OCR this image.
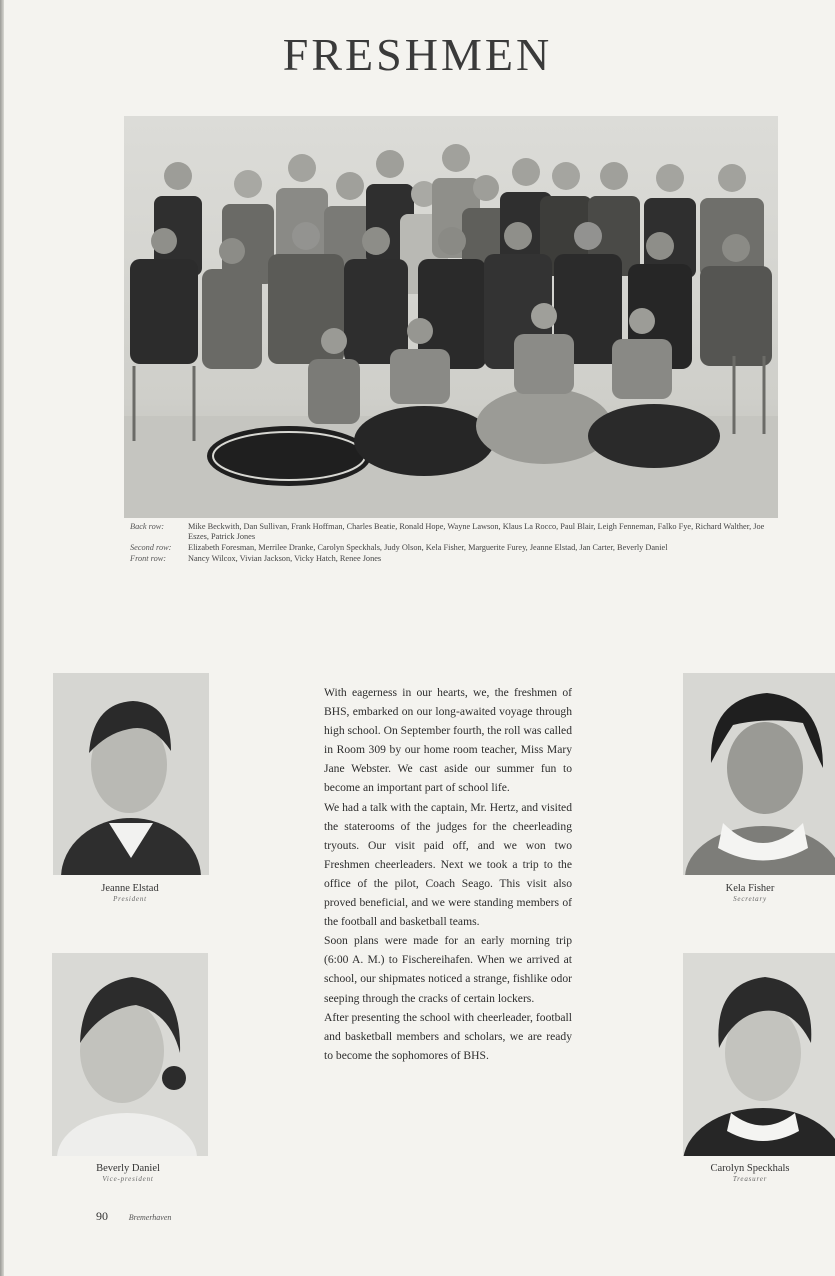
FRESHMEN
Back row:	Mike Beckwith, Dan Sullivan, Frank Hoffman, Charles Beatie, Ronald Hope, Wayne Lawson, Klaus La Rocco, Paul Blair, Leigh Fenneman, Falko Fye, Richard Walther, Joe Eszes, Patrick Jones
Second row:	Elizabeth Foresman, Merrilee Dranke, Carolyn Speckhals, Judy Olson, Kela Fisher, Marguerite Furey, Jeanne Elstad, Jan Carter, Beverly Daniel
Front row:	Nancy Wilcox, Vivian Jackson, Vicky Hatch, Renee Jones
Jeanne Elstad
President
Beverly Daniel
Vice-president
Kela Fisher
Secretary
Carolyn Speckhals
Treasurer

With eagerness in our hearts, we, the freshmen of BHS, embarked on our long-awaited voyage through high school. On September fourth, the roll was called in Room 309 by our home room teacher, Miss Mary Jane Webster. We cast aside our summer fun to become an important part of school life.

We had a talk with the captain, Mr. Hertz, and visited the staterooms of the judges for the cheerleading tryouts. Our visit paid off, and we won two Freshmen cheerleaders. Next we took a trip to the office of the pilot, Coach Seago. This visit also proved beneficial, and we were standing members of the football and basketball teams.

Soon plans were made for an early morning trip (6:00 A. M.) to Fischereihafen. When we arrived at school, our shipmates noticed a strange, fishlike odor seeping through the cracks of certain lockers.

After presenting the school with cheerleader, football and basketball members and scholars, we are ready to become the sophomores of BHS.

90	Bremerhaven
